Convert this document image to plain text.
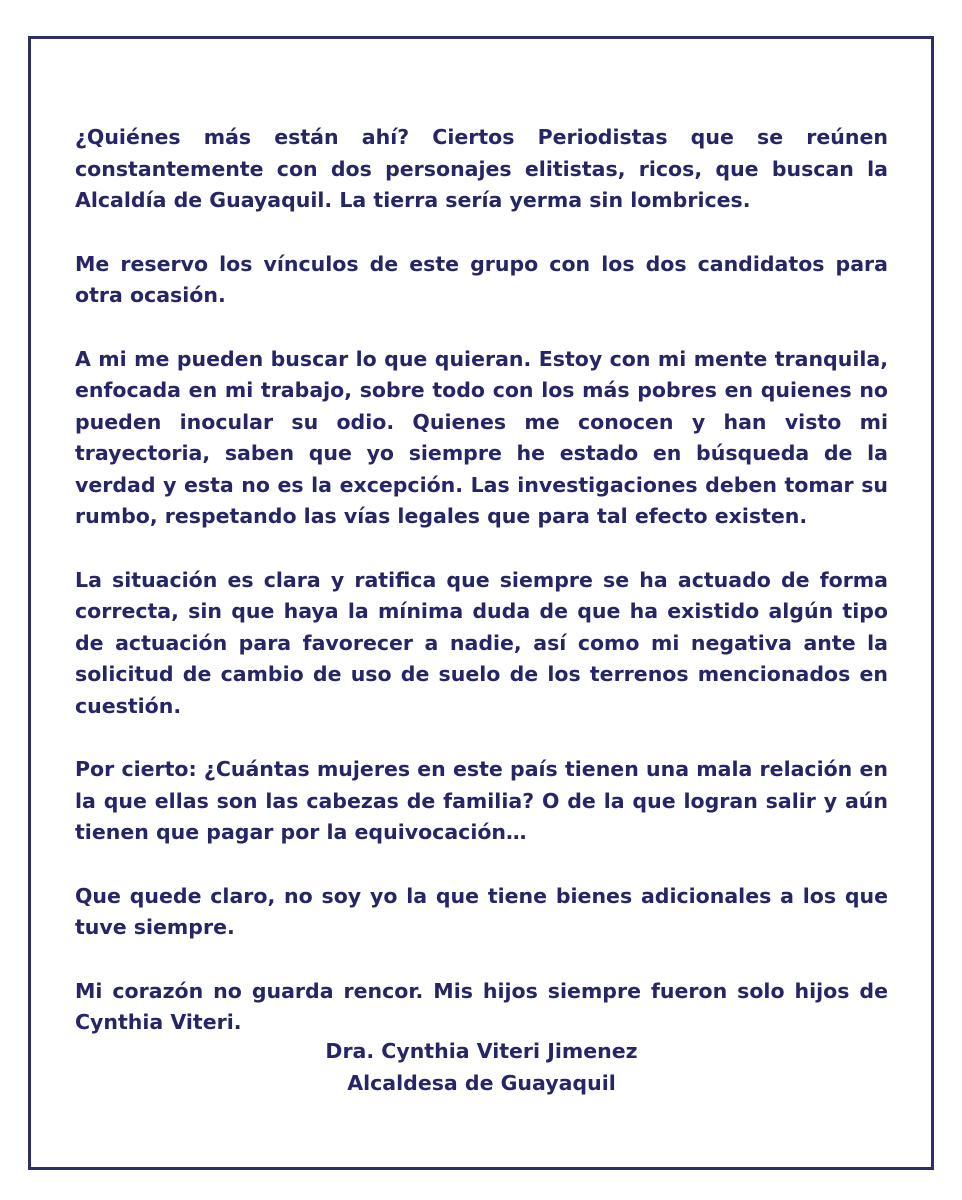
¿Quiénes más están ahí? Ciertos Periodistas que se reúnen constantemente con dos personajes elitistas, ricos, que buscan la Alcaldía de Guayaquil. La tierra sería yerma sin lombrices.

Me reservo los vínculos de este grupo con los dos candidatos para otra ocasión.

A mi me pueden buscar lo que quieran. Estoy con mi mente tranquila, enfocada en mi trabajo, sobre todo con los más pobres en quienes no pueden inocular su odio. Quienes me conocen y han visto mi trayectoria, saben que yo siempre he estado en búsqueda de la verdad y esta no es la excepción. Las investigaciones deben tomar su rumbo, respetando las vías legales que para tal efecto existen.

La situación es clara y ratifica que siempre se ha actuado de forma correcta, sin que haya la mínima duda de que ha existido algún tipo de actuación para favorecer a nadie, así como mi negativa ante la solicitud de cambio de uso de suelo de los terrenos mencionados en cuestión.

Por cierto: ¿Cuántas mujeres en este país tienen una mala relación en la que ellas son las cabezas de familia? O de la que logran salir y aún tienen que pagar por la equivocación…

Que quede claro, no soy yo la que tiene bienes adicionales a los que tuve siempre.

Mi corazón no guarda rencor. Mis hijos siempre fueron solo hijos de Cynthia Viteri.

Dra. Cynthia Viteri Jimenez
Alcaldesa de Guayaquil
